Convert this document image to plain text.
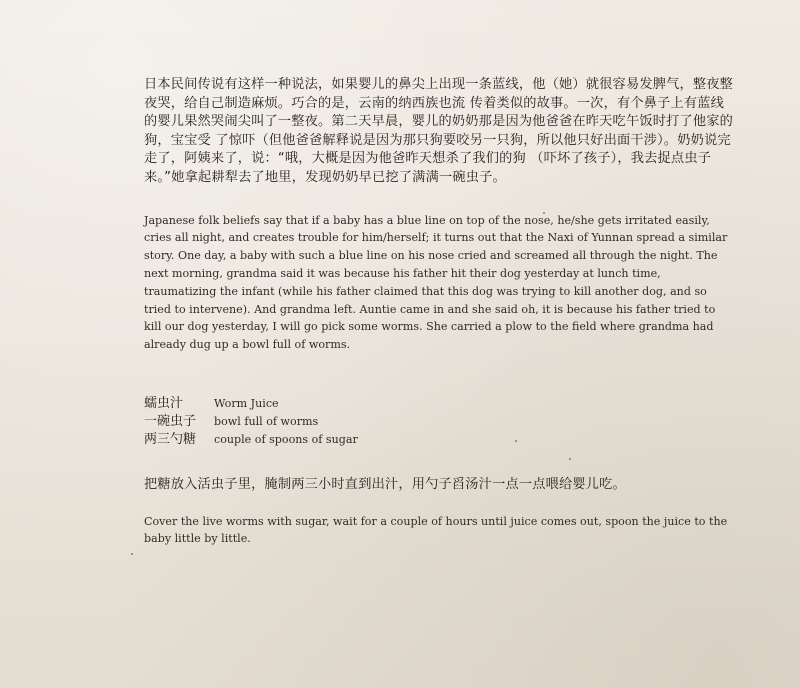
日本民间传说有这样一种说法，如果婴儿的鼻尖上出现一条蓝线，他（她）就很容易发脾气，整夜整夜哭，给自己制造麻烦。巧合的是，云南的纳西族也流 传着类似的故事。一次，有个鼻子上有蓝线的婴儿果然哭闹尖叫了一整夜。第二天早晨，婴儿的奶奶那是因为他爸爸在昨天吃午饭时打了他家的狗，宝宝受 了惊吓（但他爸爸解释说是因为那只狗要咬另一只狗，所以他只好出面干涉）。奶奶说完走了，阿姨来了，说：“哦，大概是因为他爸昨天想杀了我们的狗 （吓坏了孩子），我去捉点虫子来。”她拿起耕犁去了地里，发现奶奶早已挖了满满一碗虫子。

Japanese folk beliefs say that if a baby has a blue line on top of the nose, he/she gets irritated easily, cries all night, and creates trouble for him/herself; it turns out that the Naxi of Yunnan spread a similar story. One day, a baby with such a blue line on his nose cried and screamed all through the night. The next morning, grandma said it was because his father hit their dog yesterday at lunch time, traumatizing the infant (while his father claimed that this dog was trying to kill another dog, and so tried to intervene). And grandma left. Auntie came in and she said oh, it is because his father tried to kill our dog yesterday, I will go pick some worms. She carried a plow to the field where grandma had already dug up a bowl full of worms.

蠕虫汁	Worm Juice
一碗虫子	bowl full of worms
两三勺糖	couple of spoons of sugar

把糖放入活虫子里，腌制两三小时直到出汁，用勺子舀汤汁一点一点喂给婴儿吃。

Cover the live worms with sugar, wait for a couple of hours until juice comes out, spoon the juice to the baby little by little.
